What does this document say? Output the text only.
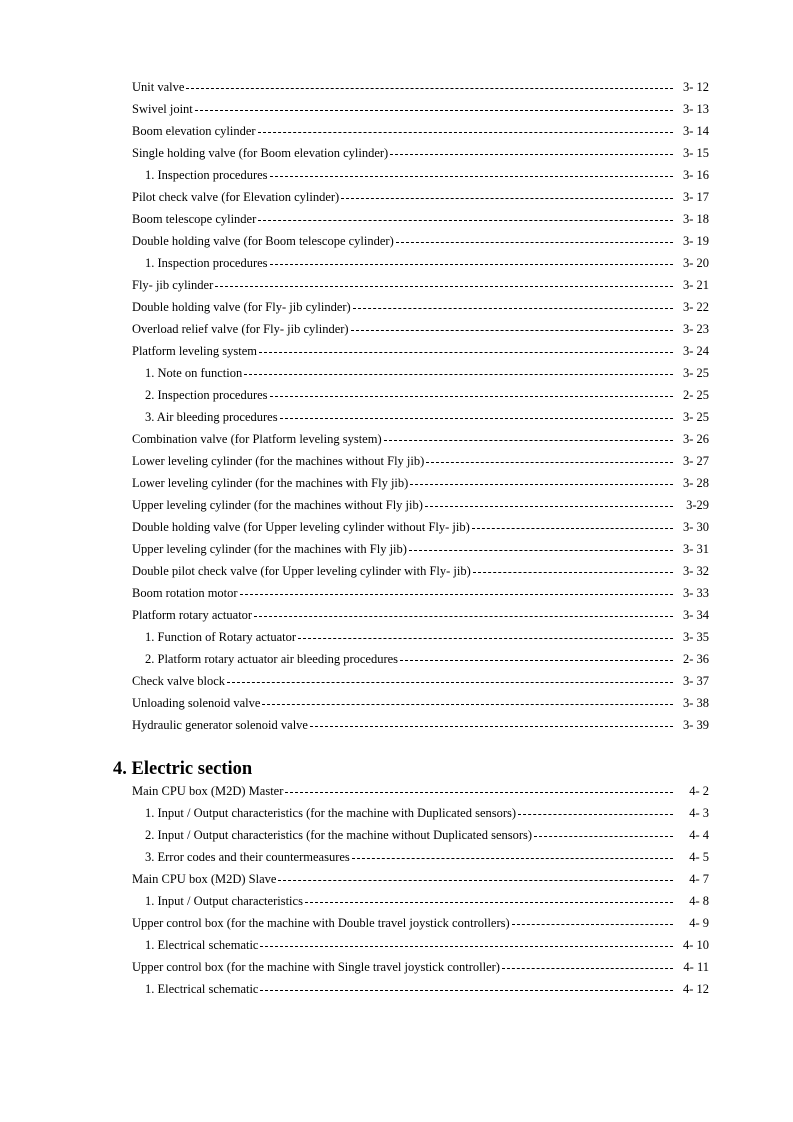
Unit valve	3- 12
Swivel joint	3- 13
Boom elevation cylinder	3- 14
Single holding valve (for Boom elevation cylinder)	3- 15
1. Inspection procedures	3- 16
Pilot check valve (for Elevation cylinder)	3- 17
Boom telescope cylinder	3- 18
Double holding valve (for Boom telescope cylinder)	3- 19
1. Inspection procedures	3- 20
Fly- jib cylinder	3- 21
Double holding valve (for Fly- jib cylinder)	3- 22
Overload relief valve (for Fly- jib cylinder)	3- 23
Platform leveling system	3- 24
1. Note on function	3- 25
2. Inspection procedures	2- 25
3. Air bleeding procedures	3- 25
Combination valve (for Platform leveling system)	3- 26
Lower leveling cylinder (for the machines without Fly jib)	3- 27
Lower leveling cylinder (for the machines with Fly jib)	3- 28
Upper leveling cylinder (for the machines without Fly jib)	3-29
Double holding valve (for Upper leveling cylinder without Fly- jib)	3- 30
Upper leveling cylinder (for the machines with Fly jib)	3- 31
Double pilot check valve (for Upper leveling cylinder with Fly- jib)	3- 32
Boom rotation motor	3- 33
Platform rotary actuator	3- 34
1. Function of Rotary actuator	3- 35
2. Platform rotary actuator air bleeding procedures	2- 36
Check valve block	3- 37
Unloading solenoid valve	3- 38
Hydraulic generator solenoid valve	3- 39
4. Electric section
Main CPU box (M2D) Master	4- 2
1. Input / Output characteristics (for the machine with Duplicated sensors)	4- 3
2. Input / Output characteristics (for the machine without Duplicated sensors)	4- 4
3. Error codes and their countermeasures	4- 5
Main CPU box (M2D) Slave	4- 7
1. Input / Output characteristics	4- 8
Upper control box (for the machine with Double travel joystick controllers)	4- 9
1. Electrical schematic	4- 10
Upper control box (for the machine with Single travel joystick controller)	4- 11
1. Electrical schematic	4- 12
